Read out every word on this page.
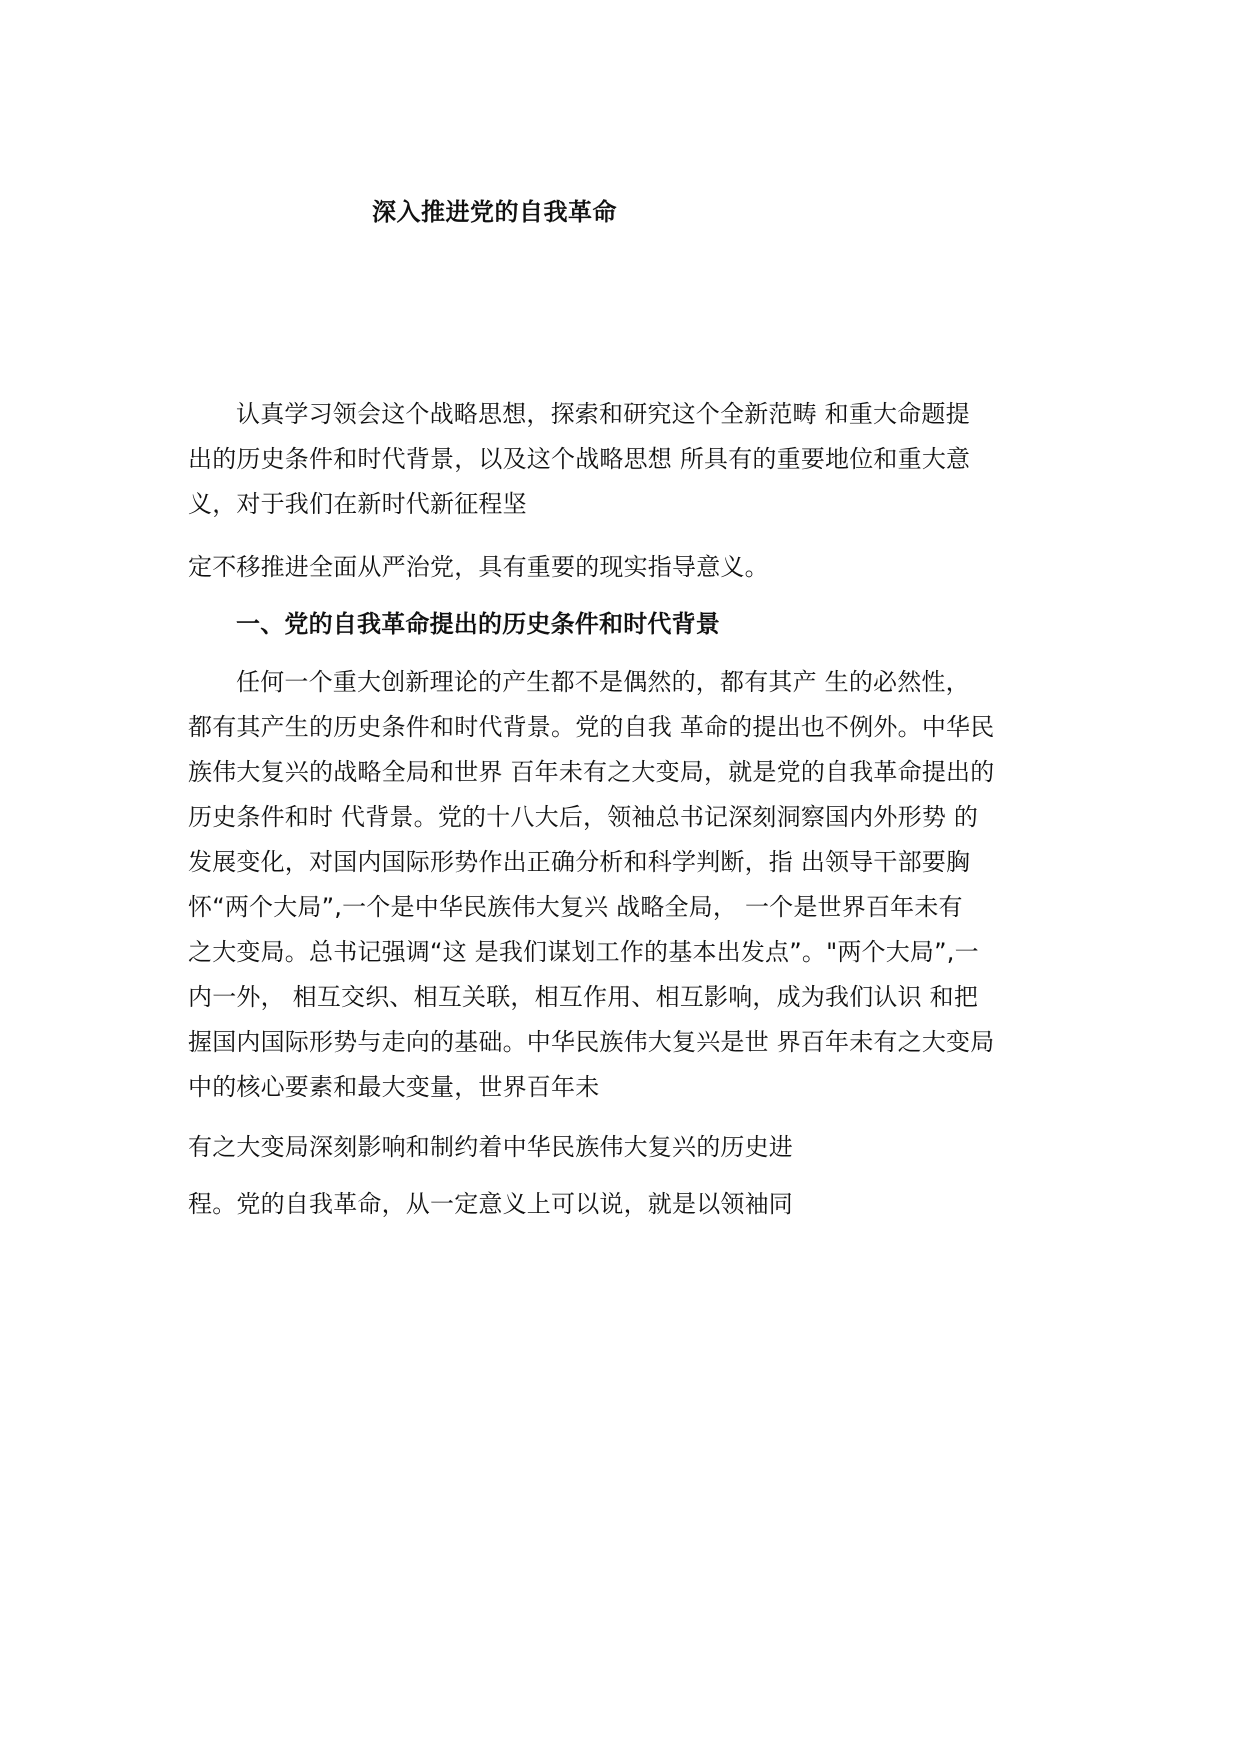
深入推进党的自我革命
认真学习领会这个战略思想，探索和研究这个全新范畴 和重大命题提
出的历史条件和时代背景，以及这个战略思想 所具有的重要地位和重大意
义，对于我们在新时代新征程坚
定不移推进全面从严治党，具有重要的现实指导意义。
一、党的自我革命提出的历史条件和时代背景
任何一个重大创新理论的产生都不是偶然的，都有其产 生的必然性，
都有其产生的历史条件和时代背景。党的自我 革命的提出也不例外。中华民
族伟大复兴的战略全局和世界 百年未有之大变局，就是党的自我革命提出的
历史条件和时 代背景。党的十八大后，领袖总书记深刻洞察国内外形势 的
发展变化，对国内国际形势作出正确分析和科学判断，指 出领导干部要胸
怀“两个大局”,一个是中华民族伟大复兴 战略全局， 一个是世界百年未有
之大变局。总书记强调“这 是我们谋划工作的基本出发点”。"两个大局”,一
内一外， 相互交织、相互关联，相互作用、相互影响，成为我们认识 和把
握国内国际形势与走向的基础。中华民族伟大复兴是世 界百年未有之大变局
中的核心要素和最大变量，世界百年未
有之大变局深刻影响和制约着中华民族伟大复兴的历史进
程。党的自我革命，从一定意义上可以说，就是以领袖同
